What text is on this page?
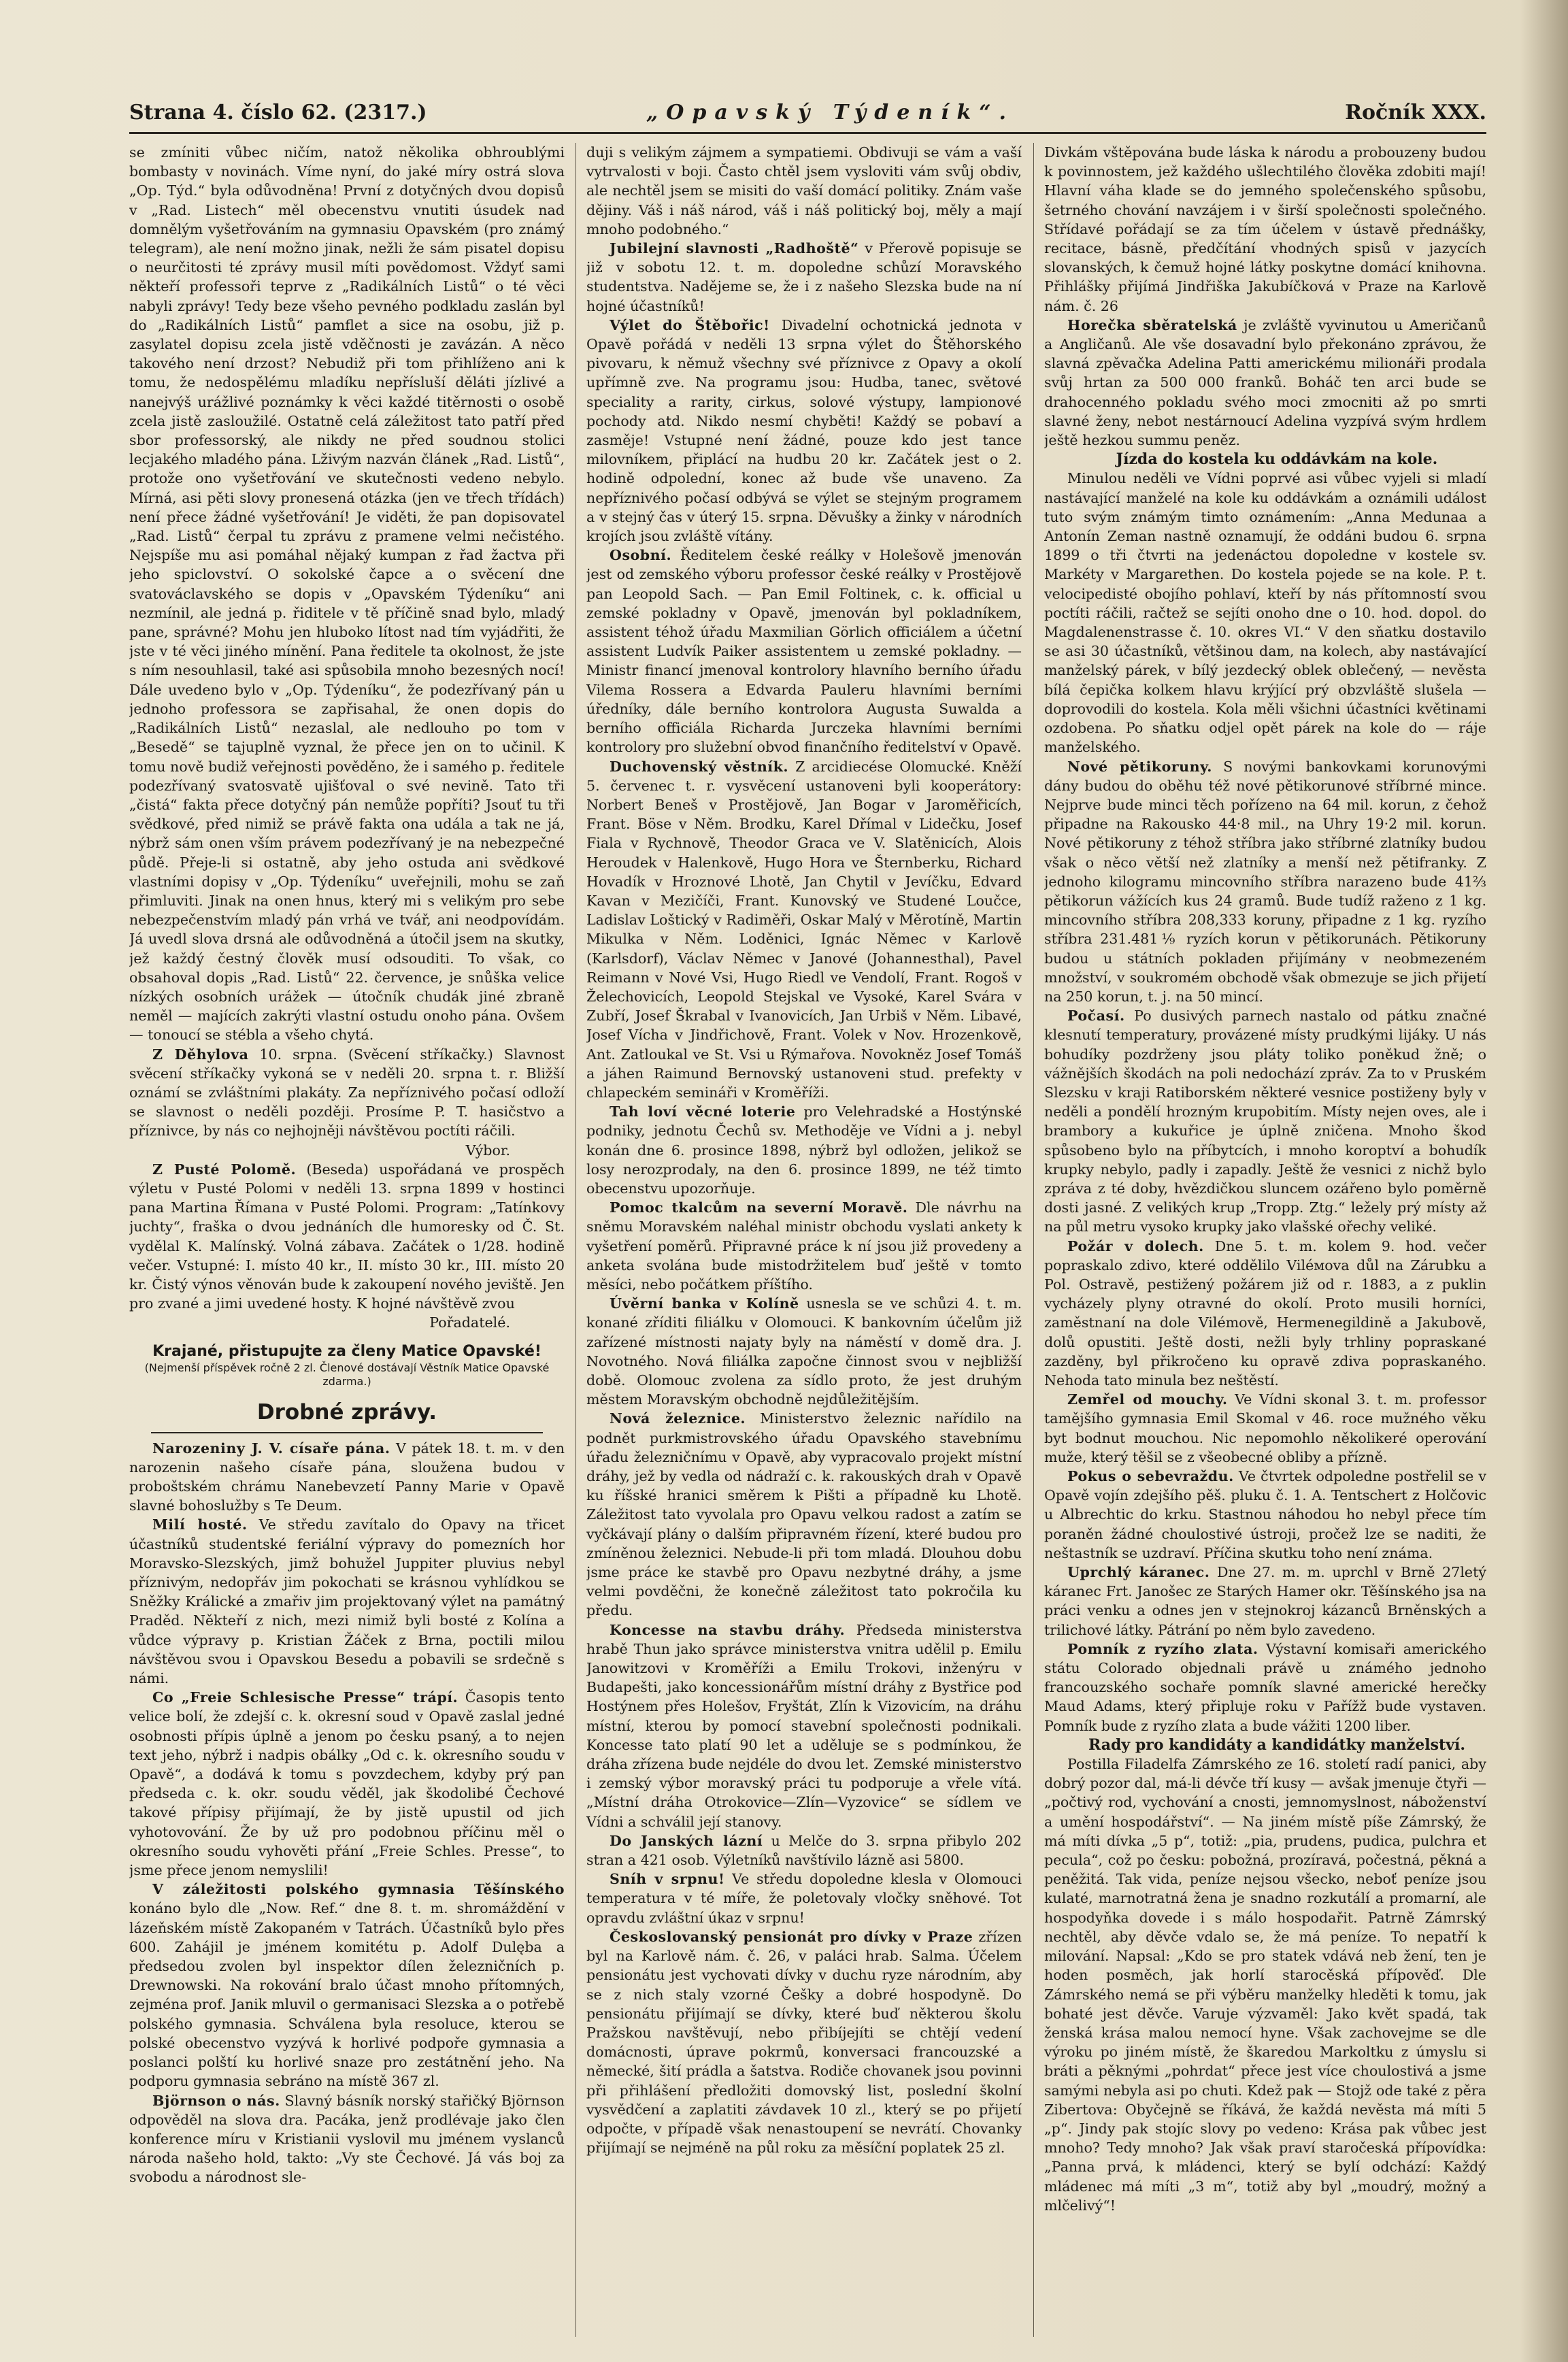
Strana 4. číslo 62. (2317.)	„Opavský Týdeník“.	Ročník XXX.

se zmíniti vůbec ničím, natož několika obhroublými bombasty v novinách. Víme nyní, do jaké míry ostrá slova „Op. Týd.“ byla odůvodněna! První z dotyčných dvou dopisů v „Rad. Listech“ měl obecenstvu vnutiti úsudek nad domnělým vyšetřováním na gymnasiu Opavském (pro známý telegram), ale není možno jinak, nežli že sám pisatel dopisu o neurčitosti té zprávy musil míti povědomost. Vždyť sami někteří professoři teprve z „Radikálních Listů“ o té věci nabyli zprávy! Tedy beze všeho pevného podkladu zaslán byl do „Radikálních Listů“ pamflet a sice na osobu, již p. zasylatel dopisu zcela jistě vděčnosti je zavázán. A něco takového není drzost? Nebudiž při tom přihlíženo ani k tomu, že nedospělému mladíku nepřísluší děláti jízlivé a nanejvýš urážlivé poznámky k věci každé titěrnosti o osobě zcela jistě zasloužilé. Ostatně celá záležitost tato patří před sbor professorský, ale nikdy ne před soudnou stolici lecjakého mladého pána. Lživým nazván článek „Rad. Listů“, protože ono vyšetřování ve skutečnosti vedeno nebylo. Mírná, asi pěti slovy pronesená otázka (jen ve třech třídách) není přece žádné vyšetřování! Je viděti, že pan dopisovatel „Rad. Listů“ čerpal tu zprávu z pramene velmi nečistého. Nejspíše mu asi pomáhal nějaký kumpan z řad žactva při jeho spiclovství. O sokolské čapce a o svěcení dne svatováclavského se dopis v „Opavském Týdeníku“ ani nezmínil, ale jedná p. řiditele v tě příčině snad bylo, mladý pane, správné? Mohu jen hluboko lítost nad tím vyjádřiti, že jste v té věci jiného mínění. Pana ředitele ta okolnost, že jste s ním nesouhlasil, také asi spůsobila mnoho bezesných nocí! Dále uvedeno bylo v „Op. Týdeníku“, že podezřívaný pán u jednoho professora se zapřisahal, že onen dopis do „Radikálních Listů“ nezaslal, ale nedlouho po tom v „Besedě“ se tajuplně vyznal, že přece jen on to učinil. K tomu nově budiž veřejnosti pověděno, že i samého p. ředitele podezřívaný svatosvatě ujišťoval o své nevině. Tato tři „čistá“ fakta přece dotyčný pán nemůže popříti? Jsouť tu tři svědkové, před nimiž se právě fakta ona udála a tak ne já, nýbrž sám onen vším právem podezřívaný je na nebezpečné půdě. Přeje-li si ostatně, aby jeho ostuda ani svědkové vlastními dopisy v „Op. Týdeníku“ uveřejnili, mohu se zaň přimluviti. Jinak na onen hnus, který mi s velikým pro sebe nebezpečenstvím mladý pán vrhá ve tvář, ani neodpovídám. Já uvedl slova drsná ale odůvodněná a útočil jsem na skutky, jež každý čestný člověk musí odsouditi. To však, co obsahoval dopis „Rad. Listů“ 22. července, je snůška velice nízkých osobních urážek — útočník chudák jiné zbraně neměl — majících zakrýti vlastní ostudu onoho pána. Ovšem — tonoucí se stébla a všeho chytá.

Z Děhylova 10. srpna. (Svěcení stříkačky.) Slavnost svěcení stříkačky vykoná se v neděli 20. srpna t. r. Bližší oznámí se zvláštními plakáty. Za nepříznivého počasí odloží se slavnost o neděli později. Prosíme P. T. hasičstvo a příznivce, by nás co nejhojněji návštěvou poctíti ráčili.

Výbor.

Z Pusté Polomě. (Beseda) uspořádaná ve prospěch výletu v Pusté Polomi v neděli 13. srpna 1899 v hostinci pana Martina Římana v Pusté Polomi. Program: „Tatínkovy juchty“, fraška o dvou jednáních dle humoresky od Č. St. vydělal K. Malínský. Volná zábava. Začátek o 1/28. hodině večer. Vstupné: I. místo 40 kr., II. místo 30 kr., III. místo 20 kr. Čistý výnos věnován bude k zakoupení nového jeviště. Jen pro zvané a jimi uvedené hosty. K hojné návštěvě zvou

Pořadatelé.

Krajané, přistupujte za členy Matice Opavské!
(Nejmenší příspěvek ročně 2 zl. Členové dostávají Věstník Matice Opavské zdarma.)
Drobné zprávy.

Narozeniny J. V. císaře pána. V pátek 18. t. m. v den narozenin našeho císaře pána, sloužena budou v proboštském chrámu Nanebevzetí Panny Marie v Opavě slavné bohoslužby s Te Deum.

Milí hosté. Ve středu zavítalo do Opavy na třicet účastníků studentské feriální výpravy do pomezních hor Moravsko-Slezských, jimž bohužel Juppiter pluvius nebyl příznivým, nedopřáv jim pokochati se krásnou vyhlídkou se Sněžky Králické a zmařiv jim projektovaný výlet na památný Praděd. Někteří z nich, mezi nimiž byli bosté z Kolína a vůdce výpravy p. Kristian Žáček z Brna, poctili milou návštěvou svou i Opavskou Besedu a pobavili se srdečně s námi.

Co „Freie Schlesische Presse“ trápí. Časopis tento velice bolí, že zdejší c. k. okresní soud v Opavě zaslal jedné osobnosti přípis úplně a jenom po česku psaný, a to nejen text jeho, nýbrž i nadpis obálky „Od c. k. okresního soudu v Opavě“, a dodává k tomu s povzdechem, kdyby prý pan předseda c. k. okr. soudu věděl, jak škodolibé Čechové takové přípisy přijímají, že by jistě upustil od jich vyhotovování. Že by už pro podobnou příčinu měl o okresního soudu vyhověti přání „Freie Schles. Presse“, to jsme přece jenom nemyslili!

V záležitosti polského gymnasia Těšínského konáno bylo dle „Now. Ref.“ dne 8. t. m. shromáždění v lázeňském místě Zakopaném v Tatrách. Účastníků bylo přes 600. Zahájil je jménem komitétu p. Adolf Dulęba a předsedou zvolen byl inspektor dílen železničních p. Drewnowski. Na rokování bralo účast mnoho přítomných, zejména prof. Janik mluvil o germanisaci Slezska a o potřebě polského gymnasia. Schválena byla resoluce, kterou se polské obecenstvo vyzývá k horlivé podpoře gymnasia a poslanci polští ku horlivé snaze pro zestátnění jeho. Na podporu gymnasia sebráno na místě 367 zl.

Björnson o nás. Slavný básník norský stařičký Björnson odpověděl na slova dra. Pacáka, jenž prodlévaje jako člen konference míru v Kristianii vyslovil mu jménem vyslanců národa našeho hold, takto: „Vy ste Čechové. Já vás boj za svobodu a národnost sle-

duji s velikým zájmem a sympatiemi. Obdivuji se vám a vaší vytrvalosti v boji. Často chtěl jsem vysloviti vám svůj obdiv, ale nechtěl jsem se misiti do vaší domácí politiky. Znám vaše dějiny. Váš i náš národ, váš i náš politický boj, měly a mají mnoho podobného.“

Jubilejní slavnosti „Radhoště“ v Přerově popisuje se již v sobotu 12. t. m. dopoledne schůzí Moravského studentstva. Nadějeme se, že i z našeho Slezska bude na ní hojné účastníků!

Výlet do Štěbořic! Divadelní ochotnická jednota v Opavě pořádá v neděli 13 srpna výlet do Štěhorského pivovaru, k němuž všechny své příznivce z Opavy a okolí upřímně zve. Na programu jsou: Hudba, tanec, světové speciality a rarity, cirkus, solové výstupy, lampionové pochody atd. Nikdo nesmí chyběti! Každý se pobaví a zasměje! Vstupné není žádné, pouze kdo jest tance milovníkem, připlácí na hudbu 20 kr. Začátek jest o 2. hodině odpolední, konec až bude vše unaveno. Za nepříznivého počasí odbývá se výlet se stejným programem a v stejný čas v úterý 15. srpna. Děvušky a žinky v národních krojích jsou zvláště vítány.

Osobní. Ředitelem české reálky v Holešově jmenován jest od zemského výboru professor české reálky v Prostějově pan Leopold Sach. — Pan Emil Foltinek, c. k. official u zemské pokladny v Opavě, jmenován byl pokladníkem, assistent téhož úřadu Maxmilian Görlich officiálem a účetní assistent Ludvík Paiker assistentem u zemské pokladny. — Ministr financí jmenoval kontrolory hlavního berního úřadu Vilema Rossera a Edvarda Pauleru hlavními berními úředníky, dále berního kontrolora Augusta Suwalda a berního officiála Richarda Jurczeka hlavními berními kontrolory pro služební obvod finančního ředitelství v Opavě.

Duchovenský věstník. Z arcidiecése Olomucké. Kněží 5. červenec t. r. vysvěcení ustanoveni byli kooperátory: Norbert Beneš v Prostějově, Jan Bogar v Jaroměřicích, Frant. Böse v Něm. Brodku, Karel Dřímal v Lidečku, Josef Fiala v Rychnově, Theodor Graca ve V. Slatěnicích, Alois Heroudek v Halenkově, Hugo Hora ve Šternberku, Richard Hovadík v Hroznové Lhotě, Jan Chytil v Jevíčku, Edvard Kavan v Mezičíči, Frant. Kunovský ve Studené Loučce, Ladislav Loštický v Radiměři, Oskar Malý v Měrotíně, Martin Mikulka v Něm. Loděnici, Ignác Němec v Karlově (Karlsdorf), Václav Němec v Janové (Johannesthal), Pavel Reimann v Nové Vsi, Hugo Riedl ve Vendolí, Frant. Rogoš v Želechovicích, Leopold Stejskal ve Vysoké, Karel Svára v Zubří, Josef Škrabal v Ivanovicích, Jan Urbiš v Něm. Libavé, Josef Vícha v Jindřichově, Frant. Volek v Nov. Hrozenkově, Ant. Zatloukal ve St. Vsi u Rýmařova. Novokněz Josef Tomáš a jáhen Raimund Bernovský ustanoveni stud. prefekty v chlapeckém semináři v Kroměříži.

Tah loví věcné loterie pro Velehradské a Hostýnské podniky, jednotu Čechů sv. Methoděje ve Vídni a j. nebyl konán dne 6. prosince 1898, nýbrž byl odložen, jelikož se losy nerozprodaly, na den 6. prosince 1899, ne též timto obecenstvu upozorňuje.

Pomoc tkalcům na severní Moravě. Dle návrhu na sněmu Moravském naléhal ministr obchodu vyslati ankety k vyšetření poměrů. Připravné práce k ní jsou již provedeny a anketa svolána bude mistodržitelem buď ještě v tomto měsíci, nebo počátkem příštího.

Úvěrní banka v Kolíně usnesla se ve schůzi 4. t. m. konané zříditi filiálku v Olomouci. K bankovním účelům již zařízené místnosti najaty byly na náměstí v domě dra. J. Novotného. Nová filiálka započne činnost svou v nejbližší době. Olomouc zvolena za sídlo proto, že jest druhým městem Moravským obchodně nejdůležitějším.

Nová železnice. Ministerstvo železnic nařídilo na podnět purkmistrovského úřadu Opavského stavebnímu úřadu železničnímu v Opavě, aby vypracovalo projekt místní dráhy, jež by vedla od nádraží c. k. rakouských drah v Opavě ku říšské hranici směrem k Pišti a případně ku Lhotě. Záležitost tato vyvolala pro Opavu velkou radost a zatím se vyčkávají plány o dalším připravném řízení, které budou pro zmíněnou železnici. Nebude-li při tom mladá. Dlouhou dobu jsme práce ke stavbě pro Opavu nezbytné dráhy, a jsme velmi povděčni, že konečně záležitost tato pokročila ku předu.

Koncesse na stavbu dráhy. Předseda ministerstva hrabě Thun jako správce ministerstva vnitra udělil p. Emilu Janowitzovi v Kroměříži a Emilu Trokovi, inženýru v Budapešti, jako koncessionářům místní dráhy z Bystřice pod Hostýnem přes Holešov, Fryštát, Zlín k Vizovicím, na dráhu místní, kterou by pomocí stavební společnosti podnikali. Koncesse tato platí 90 let a uděluje se s podmínkou, že dráha zřízena bude nejdéle do dvou let. Zemské ministerstvo i zemský výbor moravský práci tu podporuje a vřele vítá. „Místní dráha Otrokovice—Zlín—Vyzovice“ se sídlem ve Vídni a schválil její stanovy.

Do Janských lázní u Melče do 3. srpna přibylo 202 stran a 421 osob. Výletníků navštívilo lázně asi 5800.

Sníh v srpnu! Ve středu dopoledne klesla v Olomouci temperatura v té míře, že poletovaly vločky sněhové. Tot opravdu zvláštní úkaz v srpnu!

Českoslovanský pensionát pro dívky v Praze zřízen byl na Karlově nám. č. 26, v paláci hrab. Salma. Účelem pensionátu jest vychovati dívky v duchu ryze národním, aby se z nich staly vzorné Češky a dobré hospodyně. Do pensionátu přijímají se dívky, které buď některou školu Pražskou navštěvují, nebo přibíjejíti se chtějí vedení domácnosti, úprave pokrmů, konversaci francouzské a německé, šití prádla a šatstva. Rodiče chovanek jsou povinni při přihlášení předložiti domovský list, poslední školní vysvědčení a zaplatiti závdavek 10 zl., který se po přijetí odpočte, v případě však nenastoupení se nevrátí. Chovanky přijímají se nejméně na půl roku za měsíční poplatek 25 zl.

Divkám vštěpována bude láska k národu a probouzeny budou k povinnostem, jež každého ušlechtilého člověka zdobiti mají! Hlavní váha klade se do jemného společenského spůsobu, šetrného chování navzájem i v širší společnosti společného. Střídavé pořádají se za tím účelem v ústavě přednášky, recitace, básně, předčítání vhodných spisů v jazycích slovanských, k čemuž hojné látky poskytne domácí knihovna. Přihlášky přijímá Jindřiška Jakubíčková v Praze na Karlově nám. č. 26

Horečka sběratelská je zvláště vyvinutou u Američanů a Angličanů. Ale vše dosavadní bylo překonáno zprávou, že slavná zpěvačka Adelina Patti americkému milionáři prodala svůj hrtan za 500 000 franků. Boháč ten arci bude se drahocenného pokladu svého moci zmocniti až po smrti slavné ženy, nebot nestárnoucí Adelina vyzpívá svým hrdlem ještě hezkou summu peněz.

Jízda do kostela ku oddávkám na kole.

Minulou neděli ve Vídni poprvé asi vůbec vyjeli si mladí nastávající manželé na kole ku oddávkám a oznámili událost tuto svým známým timto oznámením: „Anna Medunaa a Antonín Zeman nastně oznamují, že oddáni budou 6. srpna 1899 o tři čtvrti na jedenáctou dopoledne v kostele sv. Markéty v Margarethen. Do kostela pojede se na kole. P. t. velocipedisté obojího pohlaví, kteří by nás přítomností svou poctíti ráčili, račtež se sejíti onoho dne o 10. hod. dopol. do Magdalenenstrasse č. 10. okres VI.“ V den sňatku dostavilo se asi 30 účastníků, většinou dam, na kolech, aby nastávající manželský párek, v bílý jezdecký oblek oblečený, — nevěsta bílá čepička kolkem hlavu krýjící prý obzvláště slušela — doprovodili do kostela. Kola měli všichni účastníci květinami ozdobena. Po sňatku odjel opět párek na kole do — ráje manželského.

Nové pětikoruny. S novými bankovkami korunovými dány budou do oběhu též nové pětikorunové stříbrné mince. Nejprve bude minci těch pořízeno na 64 mil. korun, z čehož připadne na Rakousko 44·8 mil., na Uhry 19·2 mil. korun. Nové pětikoruny z téhož stříbra jako stříbrné zlatníky budou však o něco větší než zlatníky a menší než pětifranky. Z jednoho kilogramu mincovního stříbra narazeno bude 41⅔ pětikorun vážících kus 24 gramů. Bude tudíž raženo z 1 kg. mincovního stříbra 208,333 koruny, připadne z 1 kg. ryzího stříbra 231.481⅑ ryzích korun v pětikorunách. Pětikoruny budou u státních pokladen přijímány v neobmezeném množství, v soukromém obchodě však obmezuje se jich přijetí na 250 korun, t. j. na 50 mincí.

Počasí. Po dusivých parnech nastalo od pátku značné klesnutí temperatury, provázené místy prudkými lijáky. U nás bohudíky pozdrženy jsou pláty toliko poněkud žně; o vážnějších škodách na poli nedochází zpráv. Za to v Pruském Slezsku v kraji Ratiborském některé vesnice postiženy byly v neděli a pondělí hrozným krupobitím. Místy nejen oves, ale i brambory a kukuřice je úplně zničena. Mnoho škod spůsobeno bylo na příbytcích, i mnoho koroptví a bohudík krupky nebylo, padly i zapadly. Ještě že vesnici z nichž bylo zpráva z té doby, hvězdičkou sluncem ozářeno bylo poměrně dosti jasné. Z velikých krup „Tropp. Ztg.“ ležely prý místy až na půl metru vysoko krupky jako vlašské ořechy veliké.

Požár v dolech. Dne 5. t. m. kolem 9. hod. večer popraskalo zdivo, které oddělilo Viléмova důl na Zárubku a Pol. Ostravě, pestižený požárem již od r. 1883, a z puklin vycházely plyny otravné do okolí. Proto musili horníci, zaměstnaní na dole Vilémově, Hermenegildině a Jakubově, dolů opustiti. Ještě dosti, nežli byly trhliny popraskané zazděny, byl přikročeno ku opravě zdiva popraskaného. Nehoda tato minula bez neštěstí.

Zemřel od mouchy. Ve Vídni skonal 3. t. m. professor tamějšího gymnasia Emil Skomal v 46. roce mužného věku byt bodnut mouchou. Nic nepomohlo několikeré operování muže, který těšil se z všeobecné obliby a přízně.

Pokus o sebevraždu. Ve čtvrtek odpoledne postřelil se v Opavě vojín zdejšího pěš. pluku č. 1. A. Tentschert z Holčovic u Albrechtic do krku. Stastnou náhodou ho nebyl přece tím poraněn žádné choulostivé ústroji, pročež lze se naditi, že neštastník se uzdraví. Příčina skutku toho není známa.

Uprchlý káranec. Dne 27. m. m. uprchl v Brně 27letý káranec Frt. Janošec ze Starých Hamer okr. Těšínského jsa na práci venku a odnes jen v stejnokroj kázanců Brněnských a trilichové látky. Pátrání po něm bylo zavedeno.

Pomník z ryzího zlata. Výstavní komisaři amerického státu Colorado objednali právě u známého jednoho francouzského sochaře pomník slavné americké herečky Maud Adams, který připluje roku v Pařížž bude vystaven. Pomník bude z ryzího zlata a bude vážiti 1200 liber.

Rady pro kandidáty a kandidátky manželství.

Postilla Filadelfa Zámrského ze 16. století radí panici, aby dobrý pozor dal, má-li dévče tří kusy — avšak jmenuje čtyři — „počtivý rod, vychování a cnosti, jemnomyslnost, náboženství a umění hospodářství“. — Na jiném místě píše Zámrský, že má míti dívka „5 p“, totiž: „pia, prudens, pudica, pulchra et pecula“, což po česku: pobožná, prozíravá, počestná, pěkná a peněžitá. Tak vida, peníze nejsou všecko, neboť peníze jsou kulaté, marnotratná žena je snadno rozkutálí a promarní, ale hospodyňka dovede i s málo hospodařit. Patrně Zámrský nechtěl, aby děvče vdalo se, že má peníze. To nepatří k milování. Napsal: „Kdo se pro statek vdává neb žení, ten je hoden posměch, jak horlí starocěská přípověď. Dle Zámrského nemá se při výběru manželky hleděti k tomu, jak bohaté jest děvče. Varuje výzvaměl: Jako květ spadá, tak ženská krása malou nemocí hyne. Však zachovejme se dle výroku po jiném místě, že škaredou Markoltku z úmyslu si bráti a pěknými „pohrdat“ přece jest více choulostivá a jsme samými nebyla asi po chuti. Kdež pak — Stojž ode také z pěra Zibertova: Obyčejně se říkává, že každá nevěsta má míti 5 „p“. Jindy pak stojíc slovy po vedeno: Krása pak vůbec jest mnoho? Tedy mnoho? Jak však praví staročeská přípovídka: „Panna prvá, k mládenci, který se bylí odchází: Každý mládenec má míti „3 m“, totiž aby byl „moudrý, možný a mlčelivý“!
